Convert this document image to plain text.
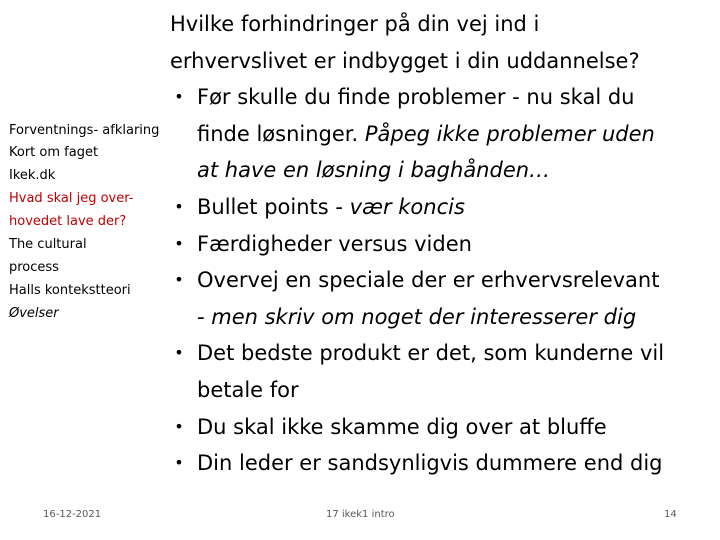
Forventnings- afklaring
Kort om faget
Ikek.dk
Hvad skal jeg over-
hovedet lave der?
The cultural
process
Halls kontekstteori
Øvelser

Hvilke forhindringer på din vej ind i
erhvervslivet er indbygget i din uddannelse?

• Før skulle du finde problemer - nu skal du
finde løsninger. Påpeg ikke problemer uden
at have en løsning i baghånden…
• Bullet points - vær koncis
• Færdigheder versus viden
• Overvej en speciale der er erhvervsrelevant
- men skriv om noget der interesserer dig
• Det bedste produkt er det, som kunderne vil
betale for
• Du skal ikke skamme dig over at bluffe
• Din leder er sandsynligvis dummere end dig
16-12-2021	17 ikek1 intro	14
